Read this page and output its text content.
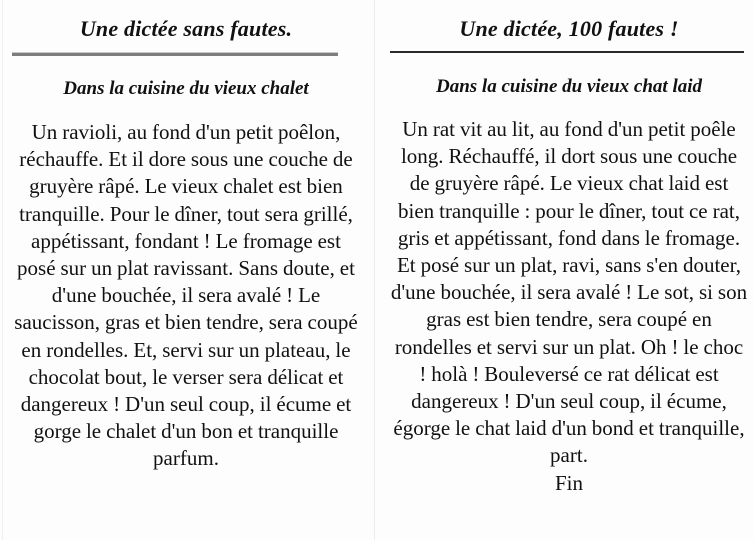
Une dictée sans fautes.
Dans la cuisine du vieux chalet

Un ravioli, au fond d'un petit poêlon, réchauffe. Et il dore sous une couche de gruyère râpé. Le vieux chalet est bien tranquille. Pour le dîner, tout sera grillé, appétissant, fondant ! Le fromage est posé sur un plat ravissant. Sans doute, et d'une bouchée, il sera avalé ! Le saucisson, gras et bien tendre, sera coupé en rondelles. Et, servi sur un plateau, le chocolat bout, le verser sera délicat et dangereux ! D'un seul coup, il écume et gorge le chalet d'un bon et tranquille parfum.

Une dictée, 100 fautes !
Dans la cuisine du vieux chat laid

Un rat vit au lit, au fond d'un petit poêle long. Réchauffé, il dort sous une couche de gruyère râpé. Le vieux chat laid est bien tranquille : pour le dîner, tout ce rat, gris et appétissant, fond dans le fromage. Et posé sur un plat, ravi, sans s'en douter, d'une bouchée, il sera avalé ! Le sot, si son gras est bien tendre, sera coupé en rondelles et servi sur un plat. Oh ! le choc ! holà ! Bouleversé ce rat délicat est dangereux ! D'un seul coup, il écume, égorge le chat laid d'un bond et tranquille, part.

Fin
